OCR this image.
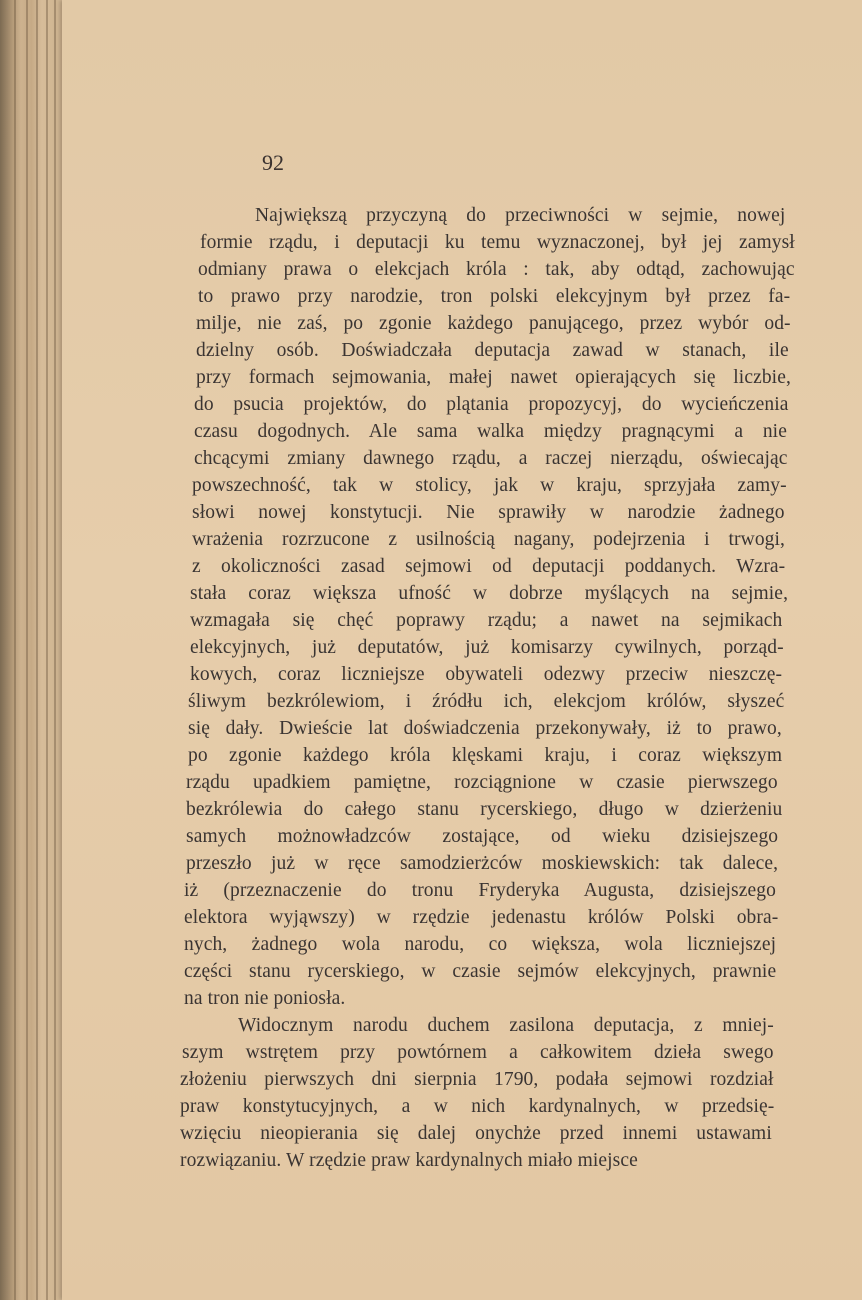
92
Największą przyczyną do przeciwności w sejmie, nowej
formie rządu, i deputacji ku temu wyznaczonej, był jej zamysł
odmiany prawa o elekcjach króla : tak, aby odtąd, zachowując
to prawo przy narodzie, tron polski elekcyjnym był przez fa-
milje, nie zaś, po zgonie każdego panującego, przez wybór od-
dzielny osób. Doświadczała deputacja zawad w stanach, ile
przy formach sejmowania, małej nawet opierających się liczbie,
do psucia projektów, do plątania propozycyj, do wycieńczenia
czasu dogodnych. Ale sama walka między pragnącymi a nie
chcącymi zmiany dawnego rządu, a raczej nierządu, oświecając
powszechność, tak w stolicy, jak w kraju, sprzyjała zamy-
słowi nowej konstytucji. Nie sprawiły w narodzie żadnego
wrażenia rozrzucone z usilnością nagany, podejrzenia i trwogi,
z okoliczności zasad sejmowi od deputacji poddanych. Wzra-
stała coraz większa ufność w dobrze myślących na sejmie,
wzmagała się chęć poprawy rządu; a nawet na sejmikach
elekcyjnych, już deputatów, już komisarzy cywilnych, porząd-
kowych, coraz liczniejsze obywateli odezwy przeciw nieszczę-
śliwym bezkrólewiom, i źródłu ich, elekcjom królów, słyszeć
się dały. Dwieście lat doświadczenia przekonywały, iż to prawo,
po zgonie każdego króla klęskami kraju, i coraz większym
rządu upadkiem pamiętne, rozciągnione w czasie pierwszego
bezkrólewia do całego stanu rycerskiego, długo w dzierżeniu
samych możnowładzców zostające, od wieku dzisiejszego
przeszło już w ręce samodzierżców moskiewskich: tak dalece,
iż (przeznaczenie do tronu Fryderyka Augusta, dzisiejszego
elektora wyjąwszy) w rzędzie jedenastu królów Polski obra-
nych, żadnego wola narodu, co większa, wola liczniejszej
części stanu rycerskiego, w czasie sejmów elekcyjnych, prawnie
na tron nie poniosła.
Widocznym narodu duchem zasilona deputacja, z mniej-
szym wstrętem przy powtórnem a całkowitem dzieła swego
złożeniu pierwszych dni sierpnia 1790, podała sejmowi rozdział
praw konstytucyjnych, a w nich kardynalnych, w przedsię-
wzięciu nieopierania się dalej onychże przed innemi ustawami
rozwiązaniu. W rzędzie praw kardynalnych miało miejsce
